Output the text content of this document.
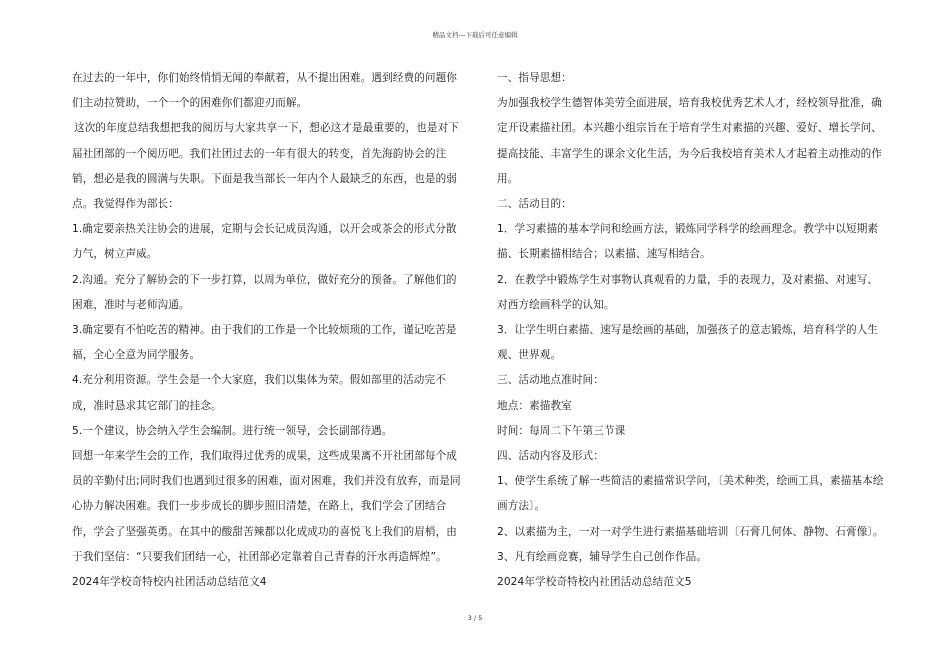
精品文档---下载后可任意编辑

在过去的一年中，你们始终悄悄无闻的奉献着，从不提出困难。遇到经费的问题你们主动拉赞助，一个一个的困难你们都迎刃而解。

这次的年度总结我想把我的阅历与大家共享一下，想必这才是最重要的，也是对下届社团部的一个阅历吧。我们社团过去的一年有很大的转变，首先海韵协会的注销，想必是我的圆满与失职。下面是我当部长一年内个人最缺乏的东西，也是的弱点。我觉得作为部长：

1.确定要亲热关注协会的进展，定期与会长记成员沟通，以开会或茶会的形式分散力气，树立声威。

2.沟通。充分了解协会的下一步打算，以周为单位，做好充分的预备。了解他们的困难，准时与老师沟通。

3.确定要有不怕吃苦的精神。由于我们的工作是一个比较烦琐的工作，谨记吃苦是福，全心全意为同学服务。

4.充分利用资源。学生会是一个大家庭，我们以集体为荣。假如部里的活动完不成，准时恳求其它部门的挂念。

5.一个建议，协会纳入学生会编制。进行统一领导，会长副部待遇。

回想一年来学生会的工作，我们取得过优秀的成果，这些成果离不开社团部每个成员的辛勤付出;同时我们也遇到过很多的困难，面对困难，我们并没有放弃，而是同心协力解决困难。我们一步步成长的脚步照旧清楚，在路上，我们学会了团结合作，学会了坚强英勇。在其中的酸甜苦辣都以化成成功的喜悦飞上我们的眉梢，由于我们坚信：“只要我们团结一心，社团部必定靠着自己青春的汗水再造辉煌”。

2024年学校奇特校内社团活动总结范文4

一、指导思想：

为加强我校学生德智体美劳全面进展，培育我校优秀艺术人才，经校领导批准，确定开设素描社团。本兴趣小组宗旨在于培育学生对素描的兴趣、爱好、增长学问、提高技能、丰富学生的课余文化生活，为今后我校培育美术人才起着主动推动的作用。

二、活动目的：

1．学习素描的基本学问和绘画方法，锻炼同学科学的绘画理念。教学中以短期素描、长期素描相结合；以素描、速写相结合。

2．在教学中锻炼学生对事物认真观看的力量，手的表现力，及对素描、对速写、对西方绘画科学的认知。

3．让学生明白素描、速写是绘画的基础，加强孩子的意志锻炼，培育科学的人生观、世界观。

三、活动地点准时间：

地点：素描教室

时间：每周二下午第三节课

四、活动内容及形式：

1、使学生系统了解一些简洁的素描常识学问，〔美术种类，绘画工具，素描基本绘画方法〕。

2、以素描为主，一对一对学生进行素描基础培训〔石膏几何体、静物、石膏像〕。

3、凡有绘画竞赛，辅导学生自己创作作品。

2024年学校奇特校内社团活动总结范文5

3 / 5
